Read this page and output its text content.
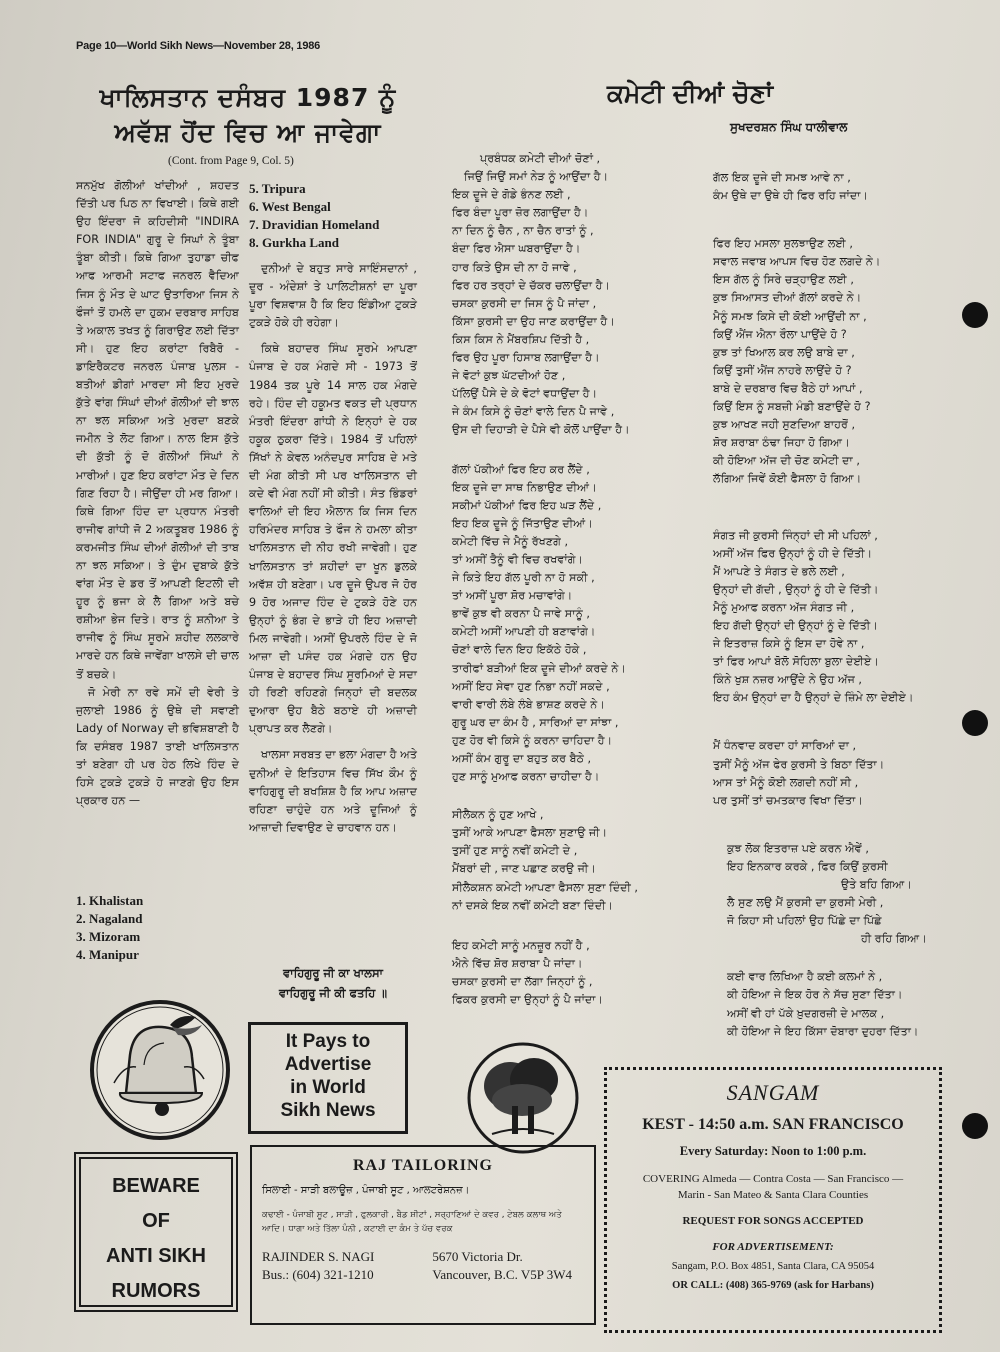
Page 10—World Sikh News—November 28, 1986
ਖਾਲਿਸਤਾਨ ਦਸੰਬਰ 1987 ਨੂੰ
ਅਵੱਸ਼ ਹੋਂਦ ਵਿਚ ਆ ਜਾਵੇਗਾ
(Cont. from Page 9, Col. 5)

ਸਨਮੁੱਖ ਗੋਲੀਆਂ ਖਾਂਦੀਆਂ , ਸ਼ਹਦਤ ਦਿੱਤੀ ਪਰ ਪਿਠ ਨਾ ਵਿਖਾਈ। ਕਿਥੇ ਗਈ ਉਹ ਇੰਦਰਾ ਜੋ ਕਹਿਦੀਸੀ "INDIRA FOR INDIA" ਗੁਰੂ ਦੇ ਸਿਘਾਂ ਨੇ ਤੂੰਬਾ ਤੂੰਬਾ ਕੀਤੀ। ਕਿਥੇ ਗਿਆ ਤੁਹਾਡਾ ਚੀਫ ਆਫ ਆਰਮੀ ਸਟਾਫ ਜਨਰਲ ਵੈਦਿਆ ਜਿਸ ਨੂੰ ਮੌਤ ਦੇ ਘਾਟ ਉਤਾਰਿਆ ਜਿਸ ਨੇ ਫੌਜਾਂ ਤੋਂ ਹਮਲੇ ਦਾ ਹੁਕਮ ਦਰਬਾਰ ਸਾਹਿਬ ਤੇ ਅਕਾਲ ਤਖਤ ਨੂੰ ਗਿਰਾਉਣ ਲਈ ਦਿੱਤਾ ਸੀ। ਹੁਣ ਇਹ ਕਰਾਂਟਾ ਰਿਬੈਰੋ - ਡਾਇਰੈਕਟਰ ਜਨਰਲ ਪੰਜਾਬ ਪੁਲਸ - ਬਤੀਆਂ ਡੀਗਾਂ ਮਾਰਦਾ ਸੀ ਇਹ ਮੁਰਦੇ ਕੁੱਤੇ ਵਾਂਗ ਸਿੰਘਾਂ ਦੀਆਂ ਗੋਲੀਆਂ ਦੀ ਝਾਲ ਨਾ ਝਲ ਸਕਿਆ ਅਤੇ ਮੁਰਦਾ ਬਣਕੇ ਜਮੀਨ ਤੇ ਲੋਟ ਗਿਆ। ਨਾਲ ਇਸ ਕੁੱਤੇ ਦੀ ਕੁੱਤੀ ਨੂੰ ਦੋ ਗੋਲੀਆਂ ਸਿੰਘਾਂ ਨੇ ਮਾਰੀਆਂ। ਹੁਣ ਇਹ ਕਰਾਂਟਾ ਮੌਤ ਦੇ ਦਿਨ ਗਿਣ ਰਿਹਾ ਹੈ। ਜੀਉਂਦਾ ਹੀ ਮਰ ਗਿਆ। ਕਿਥੇ ਗਿਆ ਹਿੰਦ ਦਾ ਪ੍ਰਧਾਨ ਮੰਤਰੀ ਰਾਜੀਵ ਗਾਂਧੀ ਜੋ 2 ਅਕਤੂਬਰ 1986 ਨੂੰ ਕਰਮਜੀਤ ਸਿੰਘ ਦੀਆਂ ਗੋਲੀਆਂ ਦੀ ਤਾਬ ਨਾ ਝਲ ਸਕਿਆ। ਤੇ ਦੁੰਮ ਦੁਬਾਕੇ ਕੁੱਤੇ ਵਾਂਗ ਮੌਤ ਦੇ ਡਰ ਤੋਂ ਆਪਣੀ ਇਟਲੀ ਦੀ ਹੂਰ ਨੂੰ ਭਜਾ ਕੇ ਲੈ ਗਿਆ ਅਤੇ ਬਚੇ ਰਸ਼ੀਆ ਭੇਜ ਦਿਤੇ। ਰਾਤ ਨੂੰ ਸ਼ਨੀਆ ਤੇ ਰਾਜੀਵ ਨੂੰ ਸਿੰਘ ਸੂਰਮੇ ਸ਼ਹੀਦ ਲਲਕਾਰੇ ਮਾਰਦੇ ਹਨ ਕਿਥੇ ਜਾਵੇਂਗਾ ਖਾਲਸੇ ਦੀ ਚਾਲ ਤੋਂ ਬਚਕੇ।

ਜੋ ਮੇਰੀ ਨਾ ਰਵੇ ਸਮੇਂ ਦੀ ਵੇਰੀ ਤੇ ਜੁਲਾਈ 1986 ਨੂੰ ਉਥੇ ਦੀ ਸਵਾਣੀ Lady of Norway ਦੀ ਭਵਿਸ਼ਬਾਣੀ ਹੈ ਕਿ ਦਸੰਬਰ 1987 ਤਾਈ ਖਾਲਿਸਤਾਨ ਤਾਂ ਬਣੇਗਾ ਹੀ ਪਰ ਹੇਠ ਲਿਖੇ ਹਿੰਦ ਦੇ ਹਿਸੇ ਟੁਕੜੇ ਟੁਕੜੇ ਹੋ ਜਾਣਗੇ ਉਹ ਇਸ ਪ੍ਰਕਾਰ ਹਨ —

1. Khalistan
2. Nagaland
3. Mizoram
4. Manipur
5. Tripura
6. West Bengal
7. Dravidian Homeland
8. Gurkha Land

ਦੁਨੀਆਂ ਦੇ ਬਹੁਤ ਸਾਰੇ ਸਾਇੰਸਦਾਨਾਂ , ਦੂਰ - ਅੰਦੇਸ਼ਾਂ ਤੇ ਪਾਲਿਟੀਸ਼ਨਾਂ ਦਾ ਪੂਰਾ ਪੂਰਾ ਵਿਸ਼ਵਾਸ਼ ਹੈ ਕਿ ਇਹ ਇੰਡੀਆ ਟੁਕੜੇ ਟੁਕੜੇ ਹੋਕੇ ਹੀ ਰਹੇਗਾ।

ਕਿਥੇ ਬਹਾਦਰ ਸਿੰਘ ਸੂਰਮੇ ਆਪਣਾ ਪੰਜਾਬ ਦੇ ਹਕ ਮੰਗਦੇ ਸੀ - 1973 ਤੋਂ 1984 ਤਕ ਪੂਰੇ 14 ਸਾਲ ਹਕ ਮੰਗਦੇ ਰਹੇ। ਹਿੰਦ ਦੀ ਹਕੂਮਤ ਵਕਤ ਦੀ ਪ੍ਰਧਾਨ ਮੰਤਰੀ ਇੰਦਰਾ ਗਾਂਧੀ ਨੇ ਇਨ੍ਹਾਂ ਦੇ ਹਕ ਹਕੂਕ ਠੁਕਰਾ ਦਿੱਤੇ। 1984 ਤੋਂ ਪਹਿਲਾਂ ਸਿੱਖਾਂ ਨੇ ਕੇਵਲ ਅਨੰਦਪੁਰ ਸਾਹਿਬ ਦੇ ਮਤੇ ਦੀ ਮੰਗ ਕੀਤੀ ਸੀ ਪਰ ਖਾਲਿਸਤਾਨ ਦੀ ਕਦੇ ਵੀ ਮੰਗ ਨਹੀਂ ਸੀ ਕੀਤੀ। ਸੰਤ ਭਿੰਡਰਾਂ ਵਾਲਿਆਂ ਦੀ ਇਹ ਐਲਾਨ ਕਿ ਜਿਸ ਦਿਨ ਹਰਿਮੰਦਰ ਸਾਹਿਬ ਤੇ ਫੌਜ ਨੇ ਹਮਲਾ ਕੀਤਾ ਖਾਲਿਸਤਾਨ ਦੀ ਨੀਹ ਰਖੀ ਜਾਵੇਗੀ। ਹੁਣ ਖਾਲਿਸਤਾਨ ਤਾਂ ਸ਼ਹੀਦਾਂ ਦਾ ਖੂਨ ਡੁਲਕੇ ਅਵੱਸ਼ ਹੀ ਬਣੇਗਾ। ਪਰ ਦੂਜੇ ਉਪਰ ਜੋ ਹੋਰ 9 ਹੋਰ ਅਜਾਦ ਹਿੰਦ ਦੇ ਟੁਕੜੇ ਹੋਣੇ ਹਨ ਉਨ੍ਹਾਂ ਨੂੰ ਭੰਗ ਦੇ ਭਾੜੇ ਹੀ ਇਹ ਅਜ਼ਾਦੀ ਮਿਲ ਜਾਵੇਗੀ। ਅਸੀਂ ਉਪਰਲੇ ਹਿੰਦ ਦੇ ਜੋ ਆਜ਼ਾ ਦੀ ਪਸੰਦ ਹਕ ਮੰਗਦੇ ਹਨ ਉਹ ਪੰਜਾਬ ਦੇ ਬਹਾਦਰ ਸਿੰਘ ਸੂਰਮਿਆਂ ਦੇ ਸਦਾ ਹੀ ਰਿਣੀ ਰਹਿਣਗੇ ਜਿਨ੍ਹਾਂ ਦੀ ਬਦਲਕ ਦੁਆਰਾ ਉਹ ਬੈਠੇ ਬਠਾਏ ਹੀ ਅਜ਼ਾਦੀ ਪ੍ਰਾਪਤ ਕਰ ਲੈਣਗੇ।

ਖਾਲਸਾ ਸਰਬਤ ਦਾ ਭਲਾ ਮੰਗਦਾ ਹੈ ਅਤੇ ਦੁਨੀਆਂ ਦੇ ਇਤਿਹਾਸ ਵਿਚ ਸਿੱਖ ਕੌਮ ਨੂੰ ਵਾਹਿਗੁਰੂ ਦੀ ਬਖਸ਼ਿਸ਼ ਹੈ ਕਿ ਆਪ ਅਜ਼ਾਦ ਰਹਿਣਾ ਚਾਹੁੰਦੇ ਹਨ ਅਤੇ ਦੂਜਿਆਂ ਨੂੰ ਆਜ਼ਾਦੀ ਦਿਵਾਉਣ ਦੇ ਚਾਹਵਾਨ ਹਨ।

ਵਾਹਿਗੁਰੂ ਜੀ ਕਾ ਖਾਲਸਾ
ਵਾਹਿਗੁਰੂ ਜੀ ਕੀ ਫਤਹਿ ॥
ਕਮੇਟੀ ਦੀਆਂ ਚੋਣਾਂ
ਸੁਖਦਰਸ਼ਨ ਸਿੰਘ ਧਾਲੀਵਾਲ
ਪ੍ਰਬੰਧਕ ਕਮੇਟੀ ਦੀਆਂ ਚੋਣਾਂ ,
ਜਿਉਂ ਜਿਉਂ ਸਮਾਂ ਨੇੜ ਨੂੰ ਆਉਂਦਾ ਹੈ।
ਇਕ ਦੂਜੇ ਦੇ ਗੋਡੇ ਭੰਨਣ ਲਈ ,
ਫਿਰ ਬੰਦਾ ਪੂਰਾ ਜ਼ੋਰ ਲਗਾਉਂਦਾ ਹੈ।
ਨਾ ਦਿਨ ਨੂੰ ਚੈਨ , ਨਾ ਚੈਨ ਰਾਤਾਂ ਨੂੰ ,
ਬੰਦਾ ਫਿਰ ਐਸਾ ਘਬਰਾਉਂਦਾ ਹੈ।
ਹਾਰ ਕਿਤੇ ਉਸ ਦੀ ਨਾ ਹੋ ਜਾਵੇ ,
ਫਿਰ ਹਰ ਤਰ੍ਹਾਂ ਦੇ ਚੱਕਰ ਚਲਾਉਂਦਾ ਹੈ।
ਚਸਕਾ ਕੁਰਸੀ ਦਾ ਜਿਸ ਨੂੰ ਪੈ ਜਾਂਦਾ ,
ਕਿੱਸਾ ਕੁਰਸੀ ਦਾ ਉਹ ਜਾਣ ਕਰਾਉਂਦਾ ਹੈ।
ਕਿਸ ਕਿਸ ਨੇ ਮੈਂਬਰਸ਼ਿਪ ਦਿੱਤੀ ਹੈ ,
ਫਿਰ ਉਹ ਪੂਰਾ ਹਿਸਾਬ ਲਗਾਉਂਦਾ ਹੈ।
ਜੇ ਵੋਟਾਂ ਕੁਝ ਘੱਟਦੀਆਂ ਹੋਣ ,
ਪੱਲਿਉਂ ਪੈਸੇ ਦੇ ਕੇ ਵੋਟਾਂ ਵਧਾਉਂਦਾ ਹੈ।
ਜੇ ਕੰਮ ਕਿਸੇ ਨੂੰ ਚੋਣਾਂ ਵਾਲੇ ਦਿਨ ਪੈ ਜਾਵੇ ,
ਉਸ ਦੀ ਦਿਹਾੜੀ ਦੇ ਪੈਸੇ ਵੀ ਕੋਲੋਂ ਪਾਉਂਦਾ ਹੈ।
ਗੱਲਾਂ ਪੱਕੀਆਂ ਫਿਰ ਇਹ ਕਰ ਲੈਂਦੇ ,
ਇਕ ਦੂਜੇ ਦਾ ਸਾਥ ਨਿਭਾਉਣ ਦੀਆਂ।
ਸਕੀਮਾਂ ਪੱਕੀਆਂ ਫਿਰ ਇਹ ਘੜ ਲੈਂਦੇ ,
ਇਹ ਇਕ ਦੂਜੇ ਨੂੰ ਜਿੱਤਾਉਣ ਦੀਆਂ।
ਕਮੇਟੀ ਵਿੱਚ ਜੇ ਮੈਨੂੰ ਰੱਖਣਗੇ ,
ਤਾਂ ਅਸੀਂ ਤੈਨੂੰ ਵੀ ਵਿਚ ਰਖਵਾਂਗੇ।
ਜੇ ਕਿਤੇ ਇਹ ਗੱਲ ਪੂਰੀ ਨਾ ਹੋ ਸਕੀ ,
ਤਾਂ ਅਸੀਂ ਪੂਰਾ ਸ਼ੋਰ ਮਚਾਵਾਂਗੇ।
ਭਾਵੇਂ ਕੁਝ ਵੀ ਕਰਨਾ ਪੈ ਜਾਵੇ ਸਾਨੂੰ ,
ਕਮੇਟੀ ਅਸੀਂ ਆਪਣੀ ਹੀ ਬਣਾਵਾਂਗੇ।
ਚੋਣਾਂ ਵਾਲੇ ਦਿਨ ਇਹ ਇਕੱਠੇ ਹੋਕੇ ,
ਤਾਰੀਫਾਂ ਬੜੀਆਂ ਇਕ ਦੂਜੇ ਦੀਆਂ ਕਰਦੇ ਨੇ।
ਅਸੀਂ ਇਹ ਸੇਵਾ ਹੁਣ ਨਿਭਾ ਨਹੀਂ ਸਕਦੇ ,
ਵਾਰੀ ਵਾਰੀ ਲੰਬੇ ਲੰਬੇ ਭਾਸ਼ਣ ਕਰਦੇ ਨੇ।
ਗੁਰੂ ਘਰ ਦਾ ਕੰਮ ਹੈ , ਸਾਰਿਆਂ ਦਾ ਸਾਂਝਾ ,
ਹੁਣ ਹੋਰ ਵੀ ਕਿਸੇ ਨੂੰ ਕਰਨਾ ਚਾਹਿਦਾ ਹੈ।
ਅਸੀਂ ਕੰਮ ਗੁਰੂ ਦਾ ਬਹੁਤ ਕਰ ਬੈਠੇ ,
ਹੁਣ ਸਾਨੂੰ ਮੁਆਫ ਕਰਨਾ ਚਾਹੀਦਾ ਹੈ।
ਸੀਲੈਕਨ ਨੂੰ ਹੁਣ ਆਖੇ ,
ਤੁਸੀਂ ਆਕੇ ਆਪਣਾ ਫੈਸਲਾ ਸੁਣਾਉ ਜੀ।
ਤੁਸੀਂ ਹੁਣ ਸਾਨੂੰ ਨਵੀਂ ਕਮੇਟੀ ਦੇ ,
ਮੈਂਬਰਾਂ ਦੀ , ਜਾਣ ਪਛਾਣ ਕਰਉ ਜੀ।
ਸੀਲੈਕਸ਼ਨ ਕਮੇਟੀ ਆਪਣਾ ਫੈਸਲਾ ਸੁਣਾ ਦਿੰਦੀ ,
ਨਾਂ ਦਸਕੇ ਇਕ ਨਵੀਂ ਕਮੇਟੀ ਬਣਾ ਦਿੰਦੀ।
ਇਹ ਕਮੇਟੀ ਸਾਨੂੰ ਮਨਜ਼ੂਰ ਨਹੀਂ ਹੈ ,
ਐਨੇ ਵਿੱਚ ਸ਼ੋਰ ਸ਼ਰਾਬਾ ਪੈ ਜਾਂਦਾ।
ਚਸਕਾ ਕੁਰਸੀ ਦਾ ਲੱਗਾ ਜਿਨ੍ਹਾਂ ਨੂੰ ,
ਫਿਕਰ ਕੁਰਸੀ ਦਾ ਉਨ੍ਹਾਂ ਨੂੰ ਪੈ ਜਾਂਦਾ।
ਗੱਲ ਇਕ ਦੂਜੇ ਦੀ ਸਮਝ ਆਵੇ ਨਾ ,
ਕੰਮ ਉਥੇ ਦਾ ਉਥੇ ਹੀ ਫਿਰ ਰਹਿ ਜਾਂਦਾ।
ਫਿਰ ਇਹ ਮਸਲਾ ਸੁਲਝਾਉਣ ਲਈ ,
ਸਵਾਲ ਜਵਾਬ ਆਪਸ ਵਿਚ ਹੋਣ ਲਗਦੇ ਨੇ।
ਇਸ ਗੱਲ ਨੂੰ ਸਿਰੇ ਚੜ੍ਹਾਉਣ ਲਈ ,
ਕੁਝ ਸਿਆਸਤ ਦੀਆਂ ਗੱਲਾਂ ਕਰਦੇ ਨੇ।
ਮੈਨੂੰ ਸਮਝ ਕਿਸੇ ਦੀ ਕੋਈ ਆਉਂਦੀ ਨਾ ,
ਕਿਉਂ ਐਂਜ ਐਨਾ ਰੌਲਾ ਪਾਉਂਦੇ ਹੋ ?
ਕੁਝ ਤਾਂ ਖਿਆਲ ਕਰ ਲਉ ਬਾਬੇ ਦਾ ,
ਕਿਉਂ ਤੁਸੀਂ ਐਂਜ ਨਾਹਰੇ ਲਾਉਂਦੇ ਹੋ ?
ਬਾਬੇ ਦੇ ਦਰਬਾਰ ਵਿਚ ਬੈਠੇ ਹਾਂ ਆਪਾਂ ,
ਕਿਉਂ ਇਸ ਨੂੰ ਸਬਜ਼ੀ ਮੰਡੀ ਬਣਾਉਂਦੇ ਹੋ ?
ਕੁਝ ਆਖਣ ਜਹੀ ਸੁਣਦਿਆ ਬਾਹਰੋਂ ,
ਸ਼ੋਰ ਸ਼ਰਾਬਾ ਠੰਢਾ ਜਿਹਾ ਹੋ ਗਿਆ।
ਕੀ ਹੋਇਆ ਅੱਜ ਦੀ ਚੋਣ ਕਮੇਟੀ ਦਾ ,
ਲੱਗਿਆ ਜਿਵੇਂ ਕੋਈ ਫੈਸਲਾ ਹੋ ਗਿਆ।
ਸੰਗਤ ਜੀ ਕੁਰਸੀ ਜਿੰਨ੍ਹਾਂ ਦੀ ਸੀ ਪਹਿਲਾਂ ,
ਅਸੀਂ ਅੱਜ ਫਿਰ ਉਨ੍ਹਾਂ ਨੂੰ ਹੀ ਦੇ ਦਿੱਤੀ।
ਮੈਂ ਆਪਣੇ ਤੇ ਸੰਗਤ ਦੇ ਭਲੇ ਲਈ ,
ਉਨ੍ਹਾਂ ਦੀ ਗੱਦੀ , ਉਨ੍ਹਾਂ ਨੂੰ ਹੀ ਦੇ ਦਿੱਤੀ।
ਮੈਨੂੰ ਮੁਆਫ ਕਰਨਾ ਅੱਜ ਸੰਗਤ ਜੀ ,
ਇਹ ਗੱਦੀ ਉਨ੍ਹਾਂ ਦੀ ਉਨ੍ਹਾਂ ਨੂੰ ਦੇ ਦਿੱਤੀ।
ਜੇ ਇਤਰਾਜ਼ ਕਿਸੇ ਨੂੰ ਇਸ ਦਾ ਹੋਵੇ ਨਾ ,
ਤਾਂ ਫਿਰ ਆਪਾਂ ਬੋਲੋ ਸੋਹਿਲਾ ਬੁਲਾ ਦੇਈਏ।
ਕਿੰਨੇ ਖੁਸ਼ ਨਜ਼ਰ ਆਉਂਦੇ ਨੇ ਉਹ ਅੱਜ ,
ਇਹ ਕੰਮ ਉਨ੍ਹਾਂ ਦਾ ਹੈ ਉਨ੍ਹਾਂ ਦੇ ਜ਼ਿੰਮੇ ਲਾ ਦੇਈਏ।
ਮੈਂ ਧੰਨਵਾਦ ਕਰਦਾ ਹਾਂ ਸਾਰਿਆਂ ਦਾ ,
ਤੁਸੀਂ ਮੈਨੂੰ ਅੱਜ ਫੇਰ ਕੁਰਸੀ ਤੇ ਬਿਠਾ ਦਿੱਤਾ।
ਆਸ ਤਾਂ ਮੈਨੂੰ ਕੋਈ ਲਗਦੀ ਨਹੀਂ ਸੀ ,
ਪਰ ਤੁਸੀਂ ਤਾਂ ਚਮਤਕਾਰ ਵਿਖਾ ਦਿੱਤਾ।
ਕੁਝ ਲੋਕ ਇਤਰਾਜ਼ ਪਏ ਕਰਨ ਐਵੇਂ ,
ਇਹ ਇਨਕਾਰ ਕਰਕੇ , ਫਿਰ ਕਿਉਂ ਕੁਰਸੀ
ਉਤੇ ਬਹਿ ਗਿਆ।
ਲੈ ਸੁਣ ਲਉ ਮੈਂ ਕੁਰਸੀ ਦਾ ਕੁਰਸੀ ਮੇਰੀ ,
ਜੋ ਕਿਹਾ ਸੀ ਪਹਿਲਾਂ ਉਹ ਪਿੱਛੇ ਦਾ ਪਿੱਛੇ
ਹੀ ਰਹਿ ਗਿਆ।
ਕਈ ਵਾਰ ਲਿਖਿਆ ਹੈ ਕਈ ਕਲਮਾਂ ਨੇ ,
ਕੀ ਹੋਇਆ ਜੇ ਇਕ ਹੋਰ ਨੇ ਸੱਚ ਸੁਣਾ ਦਿੱਤਾ।
ਅਸੀਂ ਵੀ ਹਾਂ ਪੱਕੇ ਖ਼ੁਦਗਰਜ਼ੀ ਦੇ ਮਾਲਕ ,
ਕੀ ਹੋਇਆ ਜੇ ਇਹ ਕਿੱਸਾ ਦੋਬਾਰਾ ਦੁਹਰਾ ਦਿੱਤਾ।
It Pays to
Advertise
in World
Sikh News
BEWARE
OF
ANTI SIKH
RUMORS
RAJ TAILORING
ਸਿਲਾਈ - ਸਾੜੀ ਬਲਾਊਜ਼ , ਪੰਜਾਬੀ ਸੂਟ , ਆਲਟਰੇਸ਼ਨਜ਼।
ਕਢਾਈ - ਪੰਜਾਬੀ ਸੂਟ , ਸਾੜੀ , ਫੁਲਕਾਰੀ , ਬੈਡ ਸ਼ੀਟਾਂ , ਸਰ੍ਹਾਣਿਆਂ ਦੇ ਕਵਰ , ਟੇਬਲ ਕਲਾਥ ਅਤੇ ਆਦਿ। ਧਾਗਾ ਅਤੇ ਤਿੱਲਾ ਪੰਨੀ , ਕਟਾਈ ਦਾ ਕੰਮ ਤੇ ਪੱਚ ਵਰਕ
RAJINDER S. NAGI
Bus.: (604) 321-1210
5670 Victoria Dr.
Vancouver, B.C. V5P 3W4
SANGAM
KEST - 14:50 a.m. SAN FRANCISCO
Every Saturday: Noon to 1:00 p.m.
COVERING Almeda — Contra Costa — San Francisco —
Marin - San Mateo & Santa Clara Counties
REQUEST FOR SONGS ACCEPTED
FOR ADVERTISEMENT:
Sangam, P.O. Box 4851, Santa Clara, CA 95054
OR CALL: (408) 365-9769 (ask for Harbans)
